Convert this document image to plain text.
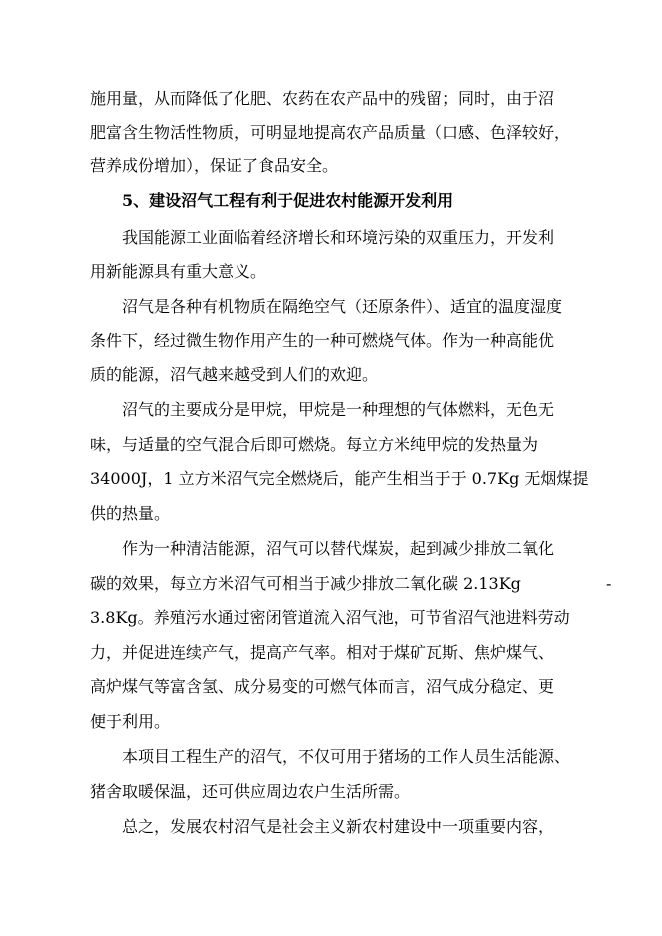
施用量，从而降低了化肥、农药在农产品中的残留；同时，由于沼
肥富含生物活性物质，可明显地提高农产品质量（口感、色泽较好，
营养成份增加），保证了食品安全。
5、建设沼气工程有利于促进农村能源开发利用
我国能源工业面临着经济增长和环境污染的双重压力，开发利
用新能源具有重大意义。
沼气是各种有机物质在隔绝空气（还原条件）、适宜的温度湿度
条件下，经过微生物作用产生的一种可燃烧气体。作为一种高能优
质的能源，沼气越来越受到人们的欢迎。
沼气的主要成分是甲烷，甲烷是一种理想的气体燃料，无色无
味，与适量的空气混合后即可燃烧。每立方米纯甲烷的发热量为
34000J，1 立方米沼气完全燃烧后，能产生相当于于 0.7Kg 无烟煤提
供的热量。
作为一种清洁能源，沼气可以替代煤炭，起到减少排放二氧化
碳的效果，每立方米沼气可相当于减少排放二氧化碳 2.13Kg	-
3.8Kg。养殖污水通过密闭管道流入沼气池，可节省沼气池进料劳动
力，并促进连续产气，提高产气率。相对于煤矿瓦斯、焦炉煤气、
高炉煤气等富含氢、成分易变的可燃气体而言，沼气成分稳定、更
便于利用。
本项目工程生产的沼气，不仅可用于猪场的工作人员生活能源、
猪舍取暖保温，还可供应周边农户生活所需。
总之，发展农村沼气是社会主义新农村建设中一项重要内容，
